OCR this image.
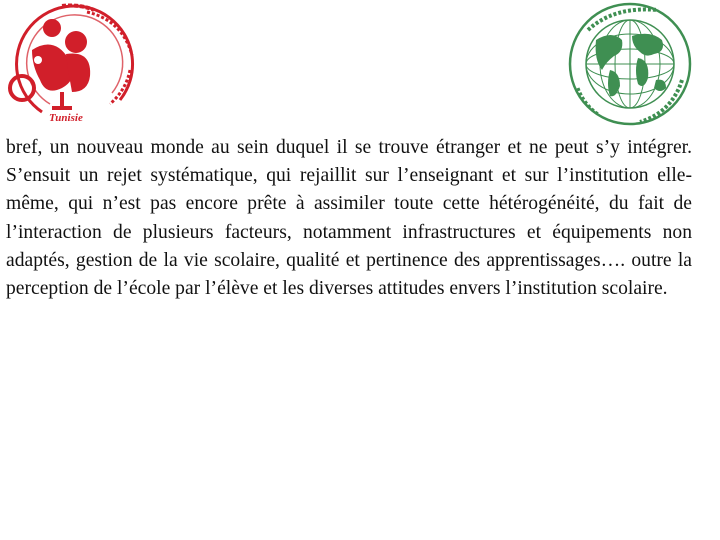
Tunisie

bref, un nouveau monde au sein duquel il se trouve étranger et ne peut s’y intégrer. S’ensuit un rejet systématique, qui rejaillit sur l’enseignant et sur l’institution elle-même, qui n’est pas encore prête à assimiler toute cette hétérogénéité, du fait de l’interaction de plusieurs facteurs, notamment infrastructures et équipements non adaptés, gestion de la vie scolaire, qualité et pertinence des apprentissages…. outre la perception de l’école par l’élève et les diverses attitudes envers l’institution scolaire.
